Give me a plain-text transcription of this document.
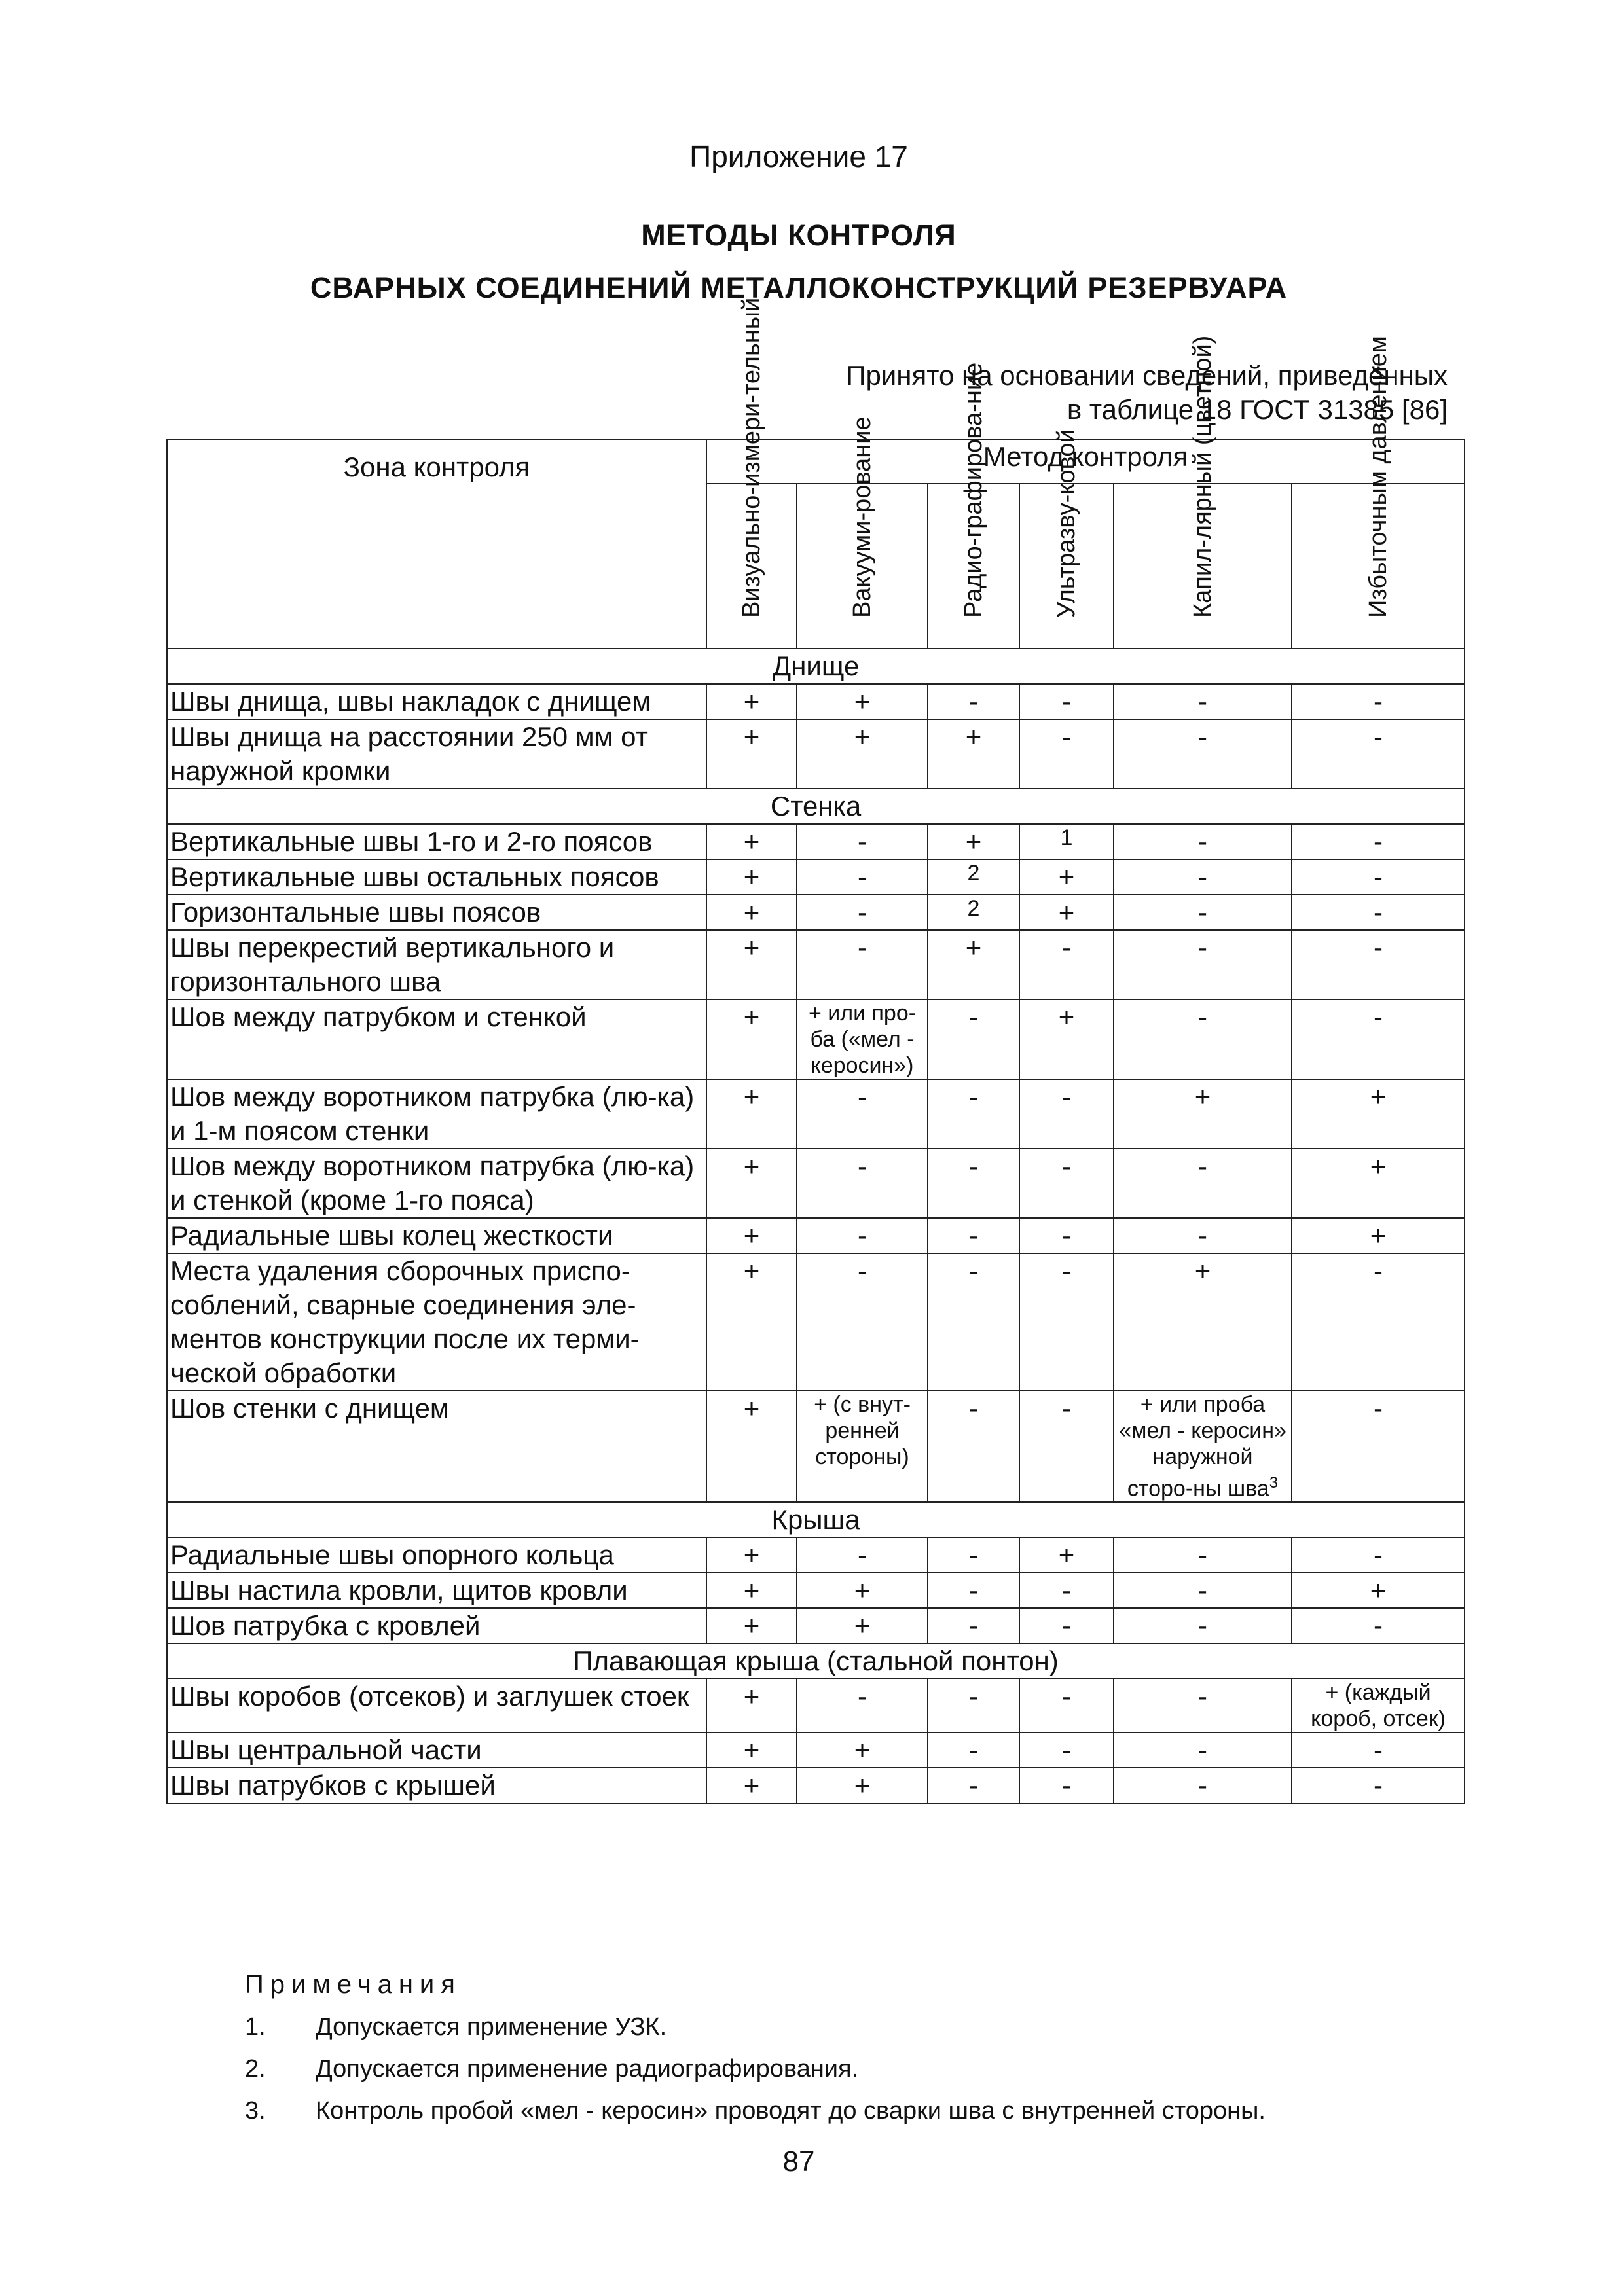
Приложение 17
МЕТОДЫ КОНТРОЛЯ
СВАРНЫХ СОЕДИНЕНИЙ МЕТАЛЛОКОНСТРУКЦИЙ РЕЗЕРВУАРА
Принято на основании сведений, приведённых
в таблице 18 ГОСТ 31385 [86]
Зона контроля	Метод контроля					

	Визуально-измери-тельный	Вакууми-рование	Радио-графирова-ние	Ультразву-ковой	Капил-лярный (цветной)	Избыточным давлением

Днище						
Швы днища, швы накладок с днищем	+	+	-	-	-	-
Швы днища на расстоянии 250 мм от наружной кромки	+	+	+	-	-	-
Стенка						
Вертикальные швы 1-го и 2-го поясов	+	-	+	1	-	-
Вертикальные швы остальных поясов	+	-	2	+	-	-
Горизонтальные швы поясов	+	-	2	+	-	-
Швы перекрестий вертикального и горизонтального шва	+	-	+	-	-	-
Шов между патрубком и стенкой	+	+ или про-ба («мел - керосин»)	-	+	-	-
Шов между воротником патрубка (лю-ка) и 1-м поясом стенки	+	-	-	-	+	+
Шов между воротником патрубка (лю-ка) и стенкой (кроме 1-го пояса)	+	-	-	-	-	+
Радиальные швы колец жесткости	+	-	-	-	-	+
Места удаления сборочных приспо-соблений, сварные соединения эле-ментов конструкции после их терми-ческой обработки	+	-	-	-	+	-
Шов стенки с днищем	+	+ (с внут-ренней стороны)	-	-	+ или проба «мел - керосин» наружной сторо-ны шва$^3$	-
Крыша						
Радиальные швы опорного кольца	+	-	-	+	-	-
Швы настила кровли, щитов кровли	+	+	-	-	-	+
Шов патрубка с кровлей	+	+	-	-	-	-
Плавающая крыша (стальной понтон)						
Швы коробов (отсеков) и заглушек стоек	+	-	-	-	-	+ (каждый короб, отсек)
Швы центральной части	+	+	-	-	-	-
Швы патрубков с крышей	+	+	-	-	-	-
Примечания
1.	Допускается применение УЗК.
2.	Допускается применение радиографирования.
3.	Контроль пробой «мел - керосин» проводят до сварки шва с внутренней стороны.
87
